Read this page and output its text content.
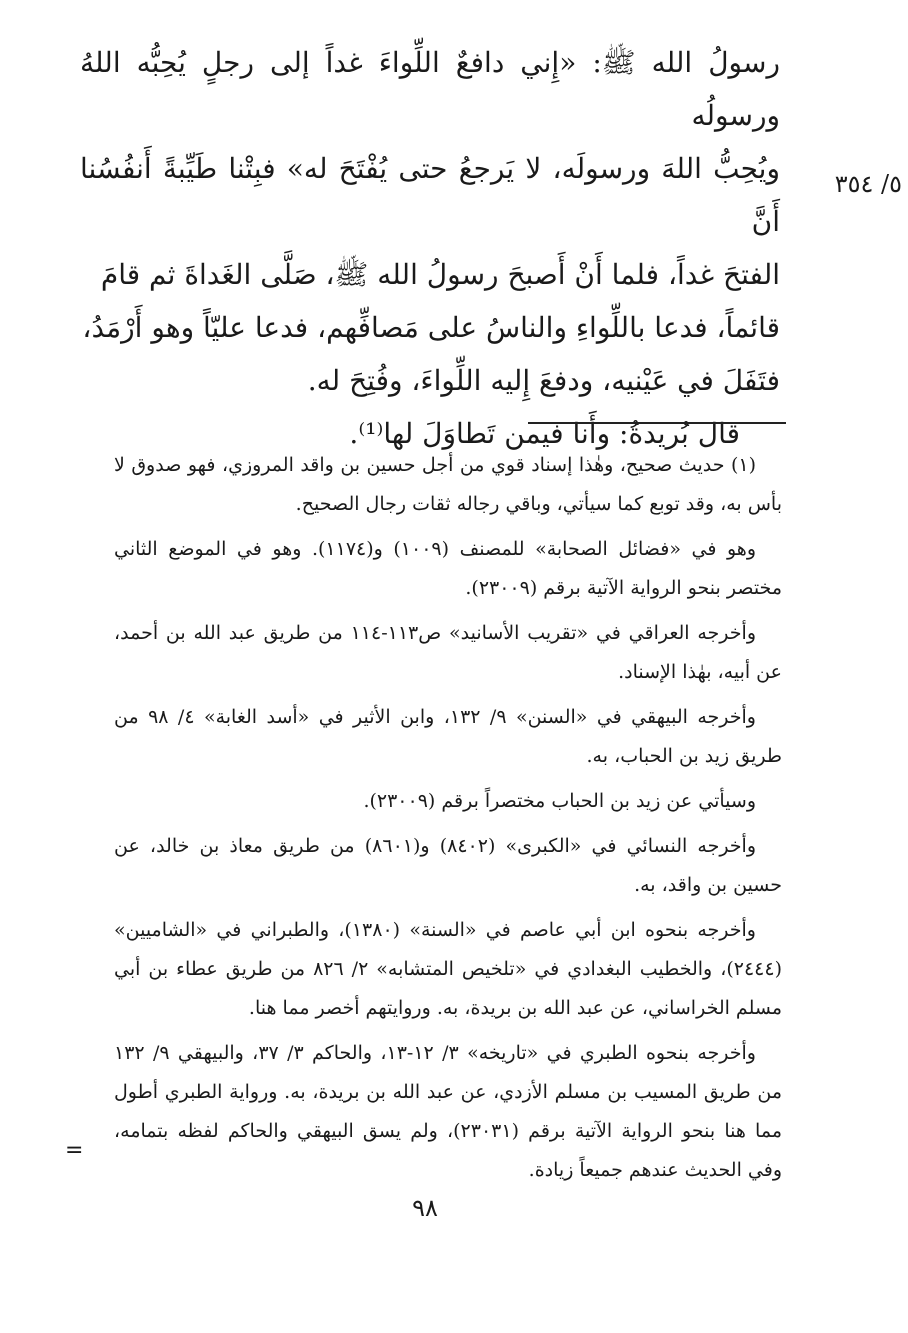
رسولُ الله ﷺ: «إِني دافعٌ اللِّواءَ غداً إلى رجلٍ يُحِبُّه اللهُ ورسولُه

ويُحِبُّ اللهَ ورسولَه، لا يَرجعُ حتى يُفْتَحَ له» فبِتْنا طَيِّبةً أَنفُسُنا أَنَّ

الفتحَ غداً، فلما أَنْ أَصبحَ رسولُ الله ﷺ، صَلَّى الغَداةَ ثم قامَ

قائماً، فدعا باللِّواءِ والناسُ على مَصافِّهم، فدعا عليّاً وهو أَرْمَدُ،

فتَفَلَ في عَيْنيه، ودفعَ إِليه اللِّواءَ، وفُتِحَ له.

قال بُريدةُ: وأَنا فيمن تَطاوَلَ لها⁽¹⁾.

٥/ ٣٥٤

(١) حديث صحيح، وهٰذا إسناد قوي من أجل حسين بن واقد المروزي، فهو صدوق لا بأس به، وقد توبع كما سيأتي، وباقي رجاله ثقات رجال الصحيح.

وهو في «فضائل الصحابة» للمصنف (١٠٠٩) و(١١٧٤). وهو في الموضع الثاني مختصر بنحو الرواية الآتية برقم (٢٣٠٠٩).

وأخرجه العراقي في «تقريب الأسانيد» ص١١٣-١١٤ من طريق عبد الله بن أحمد، عن أبيه، بهٰذا الإسناد.

وأخرجه البيهقي في «السنن» ٩/ ١٣٢، وابن الأثير في «أسد الغابة» ٤/ ٩٨ من طريق زيد بن الحباب، به.

وسيأتي عن زيد بن الحباب مختصراً برقم (٢٣٠٠٩).

وأخرجه النسائي في «الكبرى» (٨٤٠٢) و(٨٦٠١) من طريق معاذ بن خالد، عن حسين بن واقد، به.

وأخرجه بنحوه ابن أبي عاصم في «السنة» (١٣٨٠)، والطبراني في «الشاميين» (٢٤٤٤)، والخطيب البغدادي في «تلخيص المتشابه» ٢/ ٨٢٦ من طريق عطاء بن أبي مسلم الخراساني، عن عبد الله بن بريدة، به. وروايتهم أخصر مما هنا.

وأخرجه بنحوه الطبري في «تاريخه» ٣/ ١٢-١٣، والحاكم ٣/ ٣٧، والبيهقي ٩/ ١٣٢ من طريق المسيب بن مسلم الأزدي، عن عبد الله بن بريدة، به. ورواية الطبري أطول مما هنا بنحو الرواية الآتية برقم (٢٣٠٣١)، ولم يسق البيهقي والحاكم لفظه بتمامه، وفي الحديث عندهم جميعاً زيادة.

=
٩٨
